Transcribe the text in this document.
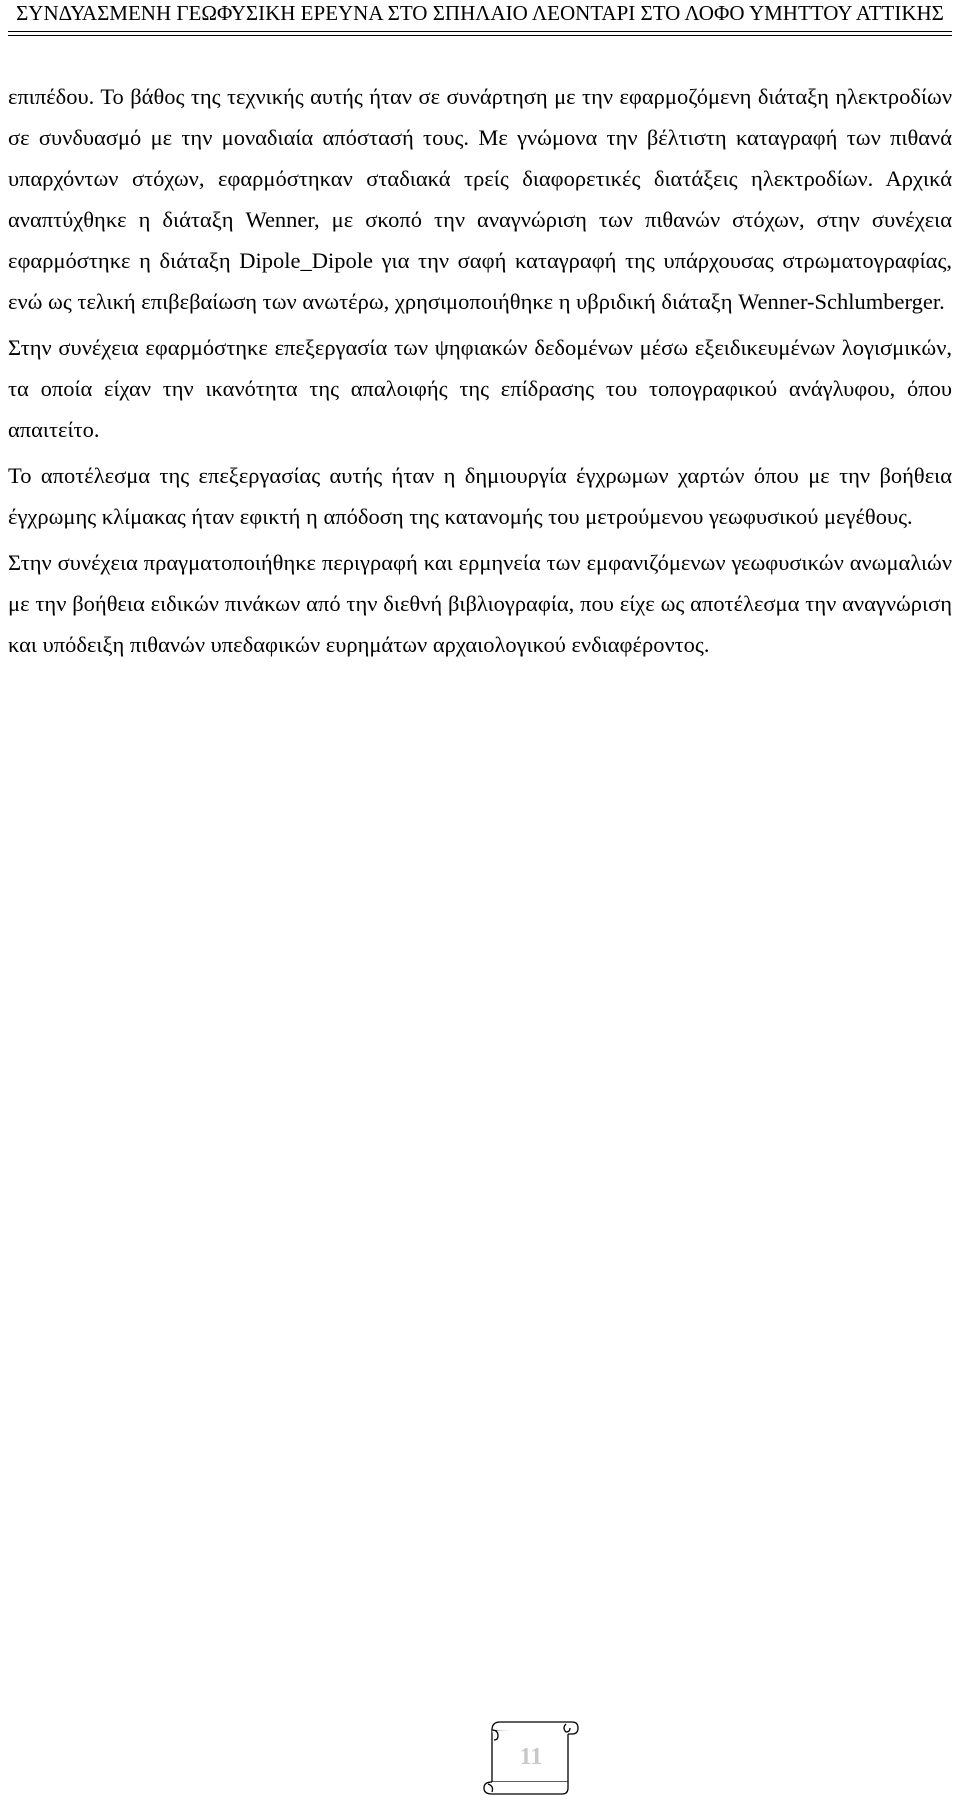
ΣΥΝΔΥΑΣΜΕΝΗ ΓΕΩΦΥΣΙΚΗ ΕΡΕΥΝΑ ΣΤΟ ΣΠΗΛΑΙΟ ΛΕΟΝΤΑΡΙ ΣΤΟ ΛΟΦΟ ΥΜΗΤΤΟΥ ΑΤΤΙΚΗΣ

επιπέδου. Το βάθος της τεχνικής αυτής ήταν σε συνάρτηση με την εφαρμοζόμενη διάταξη ηλεκτροδίων σε συνδυασμό με την μοναδιαία απόστασή τους. Με γνώμονα την βέλτιστη καταγραφή των πιθανά υπαρχόντων στόχων, εφαρμόστηκαν σταδιακά τρείς διαφορετικές διατάξεις ηλεκτροδίων. Αρχικά αναπτύχθηκε η διάταξη Wenner, με σκοπό την αναγνώριση των πιθανών στόχων, στην συνέχεια εφαρμόστηκε η διάταξη Dipole_Dipole για την σαφή καταγραφή της υπάρχουσας στρωματογραφίας, ενώ ως τελική επιβεβαίωση των ανωτέρω, χρησιμοποιήθηκε η υβριδική διάταξη Wenner-Schlumberger.

Στην συνέχεια εφαρμόστηκε επεξεργασία των ψηφιακών δεδομένων μέσω εξειδικευμένων λογισμικών, τα οποία είχαν την ικανότητα της απαλοιφής της επίδρασης του τοπογραφικού ανάγλυφου, όπου απαιτείτο.

Το αποτέλεσμα της επεξεργασίας αυτής ήταν η δημιουργία έγχρωμων χαρτών όπου με την βοήθεια έγχρωμης κλίμακας ήταν εφικτή η απόδοση της κατανομής του μετρούμενου γεωφυσικού μεγέθους.

Στην συνέχεια πραγματοποιήθηκε περιγραφή και ερμηνεία των εμφανιζόμενων γεωφυσικών ανωμαλιών με την βοήθεια ειδικών πινάκων από την διεθνή βιβλιογραφία, που είχε ως αποτέλεσμα την αναγνώριση και υπόδειξη πιθανών υπεδαφικών ευρημάτων αρχαιολογικού ενδιαφέροντος.

11
